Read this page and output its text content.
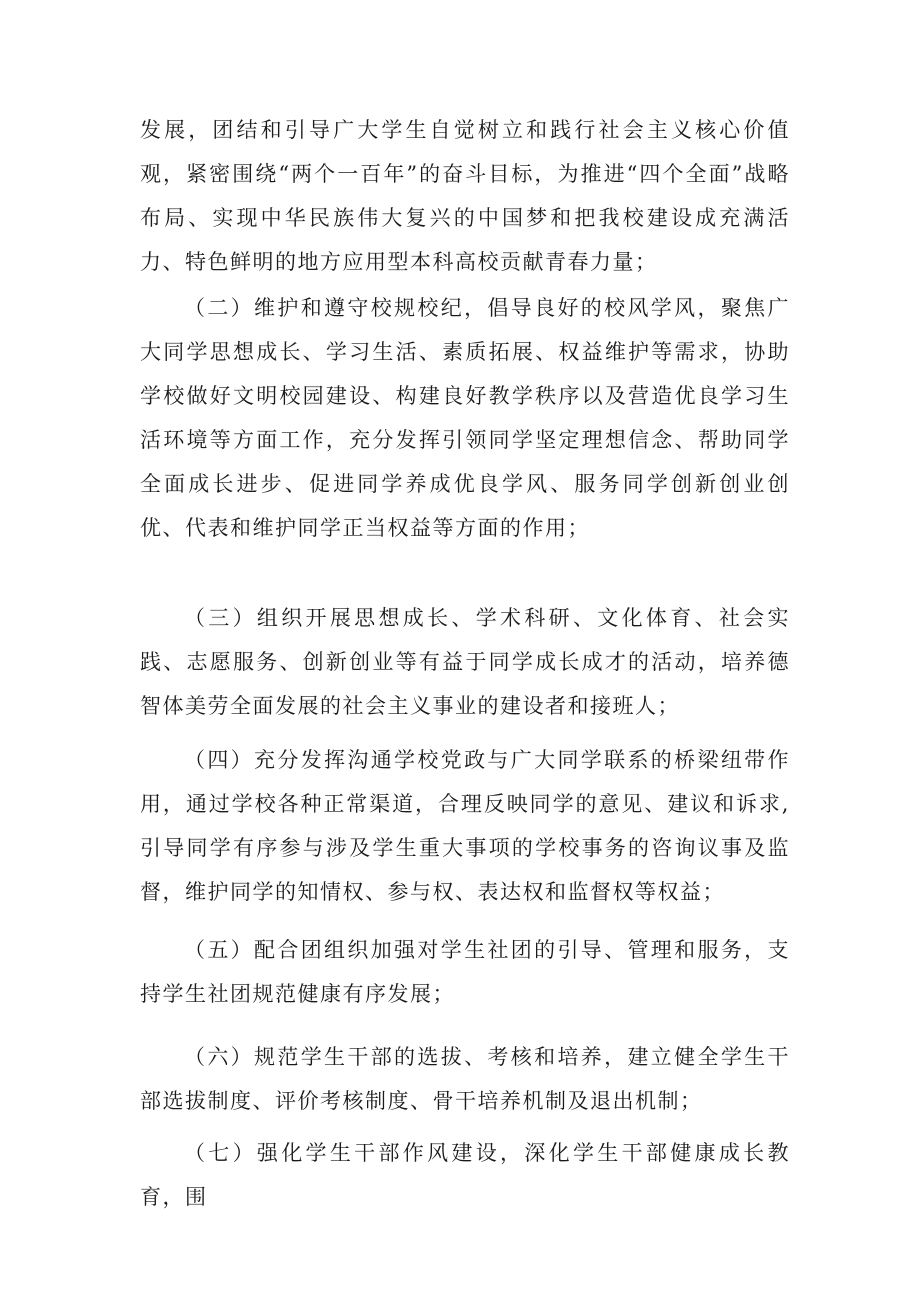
发展，团结和引导广大学生自觉树立和践行社会主义核心价值观，紧密围绕“两个一百年”的奋斗目标，为推进“四个全面”战略布局、实现中华民族伟大复兴的中国梦和把我校建设成充满活力、特色鲜明的地方应用型本科高校贡献青春力量；

（二）维护和遵守校规校纪，倡导良好的校风学风，聚焦广大同学思想成长、学习生活、素质拓展、权益维护等需求，协助学校做好文明校园建设、构建良好教学秩序以及营造优良学习生活环境等方面工作，充分发挥引领同学坚定理想信念、帮助同学全面成长进步、促进同学养成优良学风、服务同学创新创业创优、代表和维护同学正当权益等方面的作用；

（三）组织开展思想成长、学术科研、文化体育、社会实践、志愿服务、创新创业等有益于同学成长成才的活动，培养德智体美劳全面发展的社会主义事业的建设者和接班人；

（四）充分发挥沟通学校党政与广大同学联系的桥梁纽带作用，通过学校各种正常渠道，合理反映同学的意见、建议和诉求,引导同学有序参与涉及学生重大事项的学校事务的咨询议事及监督，维护同学的知情权、参与权、表达权和监督权等权益；

（五）配合团组织加强对学生社团的引导、管理和服务，支持学生社团规范健康有序发展；

（六）规范学生干部的选拔、考核和培养，建立健全学生干部选拔制度、评价考核制度、骨干培养机制及退出机制；

（七）强化学生干部作风建设，深化学生干部健康成长教育，围
